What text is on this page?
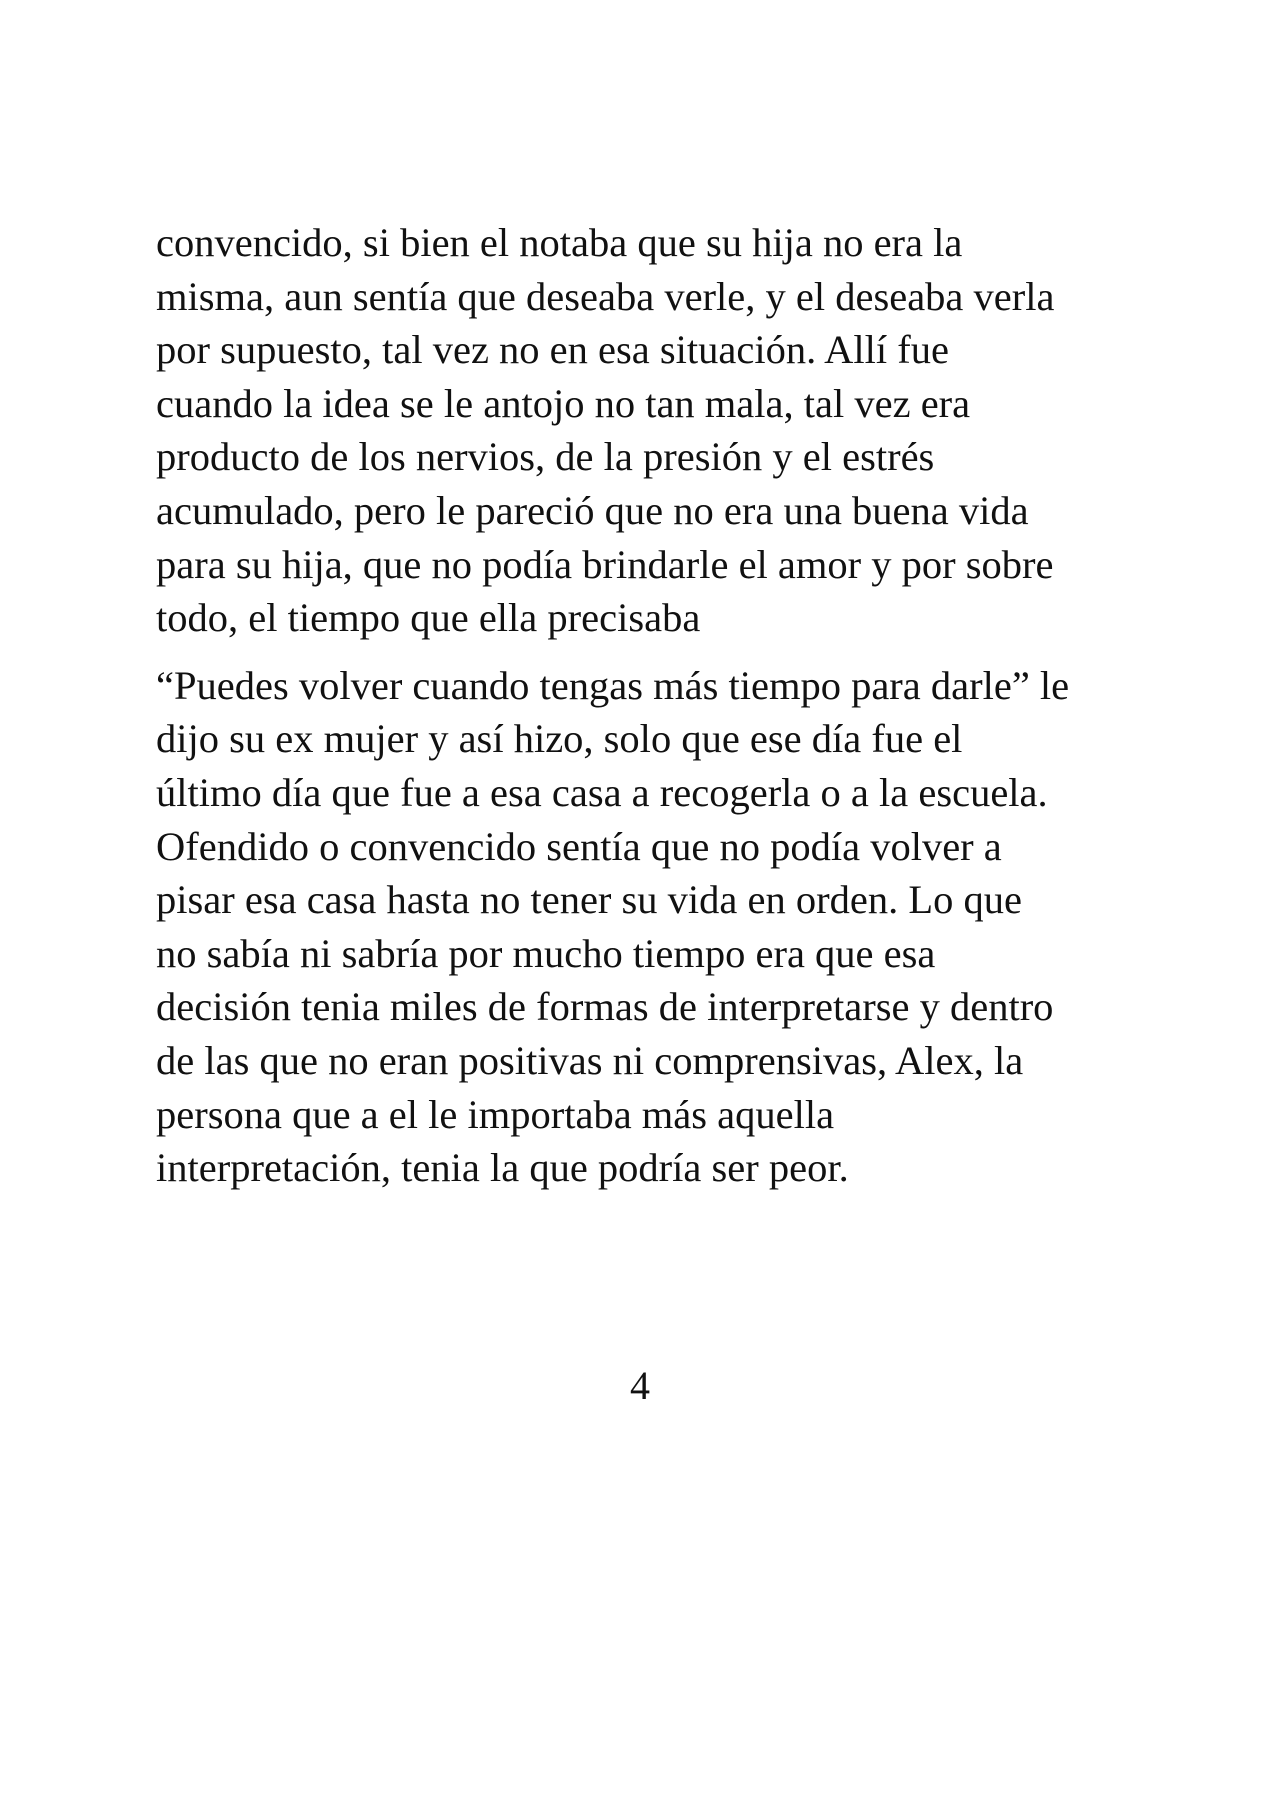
convencido, si bien el notaba que su hija no era la
misma, aun sentía que deseaba verle, y el deseaba verla
por supuesto, tal vez no en esa situación. Allí fue
cuando la idea se le antojo no tan mala, tal vez era
producto de los nervios, de la presión y el estrés
acumulado, pero le pareció que no era una buena vida
para su hija, que no podía brindarle el amor y por sobre
todo, el tiempo que ella precisaba

“Puedes volver cuando tengas más tiempo para darle” le
dijo su ex mujer y así hizo, solo que ese día fue el
último día que fue a esa casa a recogerla o a la escuela.
Ofendido o convencido sentía que no podía volver a
pisar esa casa hasta no tener su vida en orden. Lo que
no sabía ni sabría por mucho tiempo era que esa
decisión tenia miles de formas de interpretarse y dentro
de las que no eran positivas ni comprensivas, Alex, la
persona que a el le importaba más aquella
interpretación, tenia la que podría ser peor.

4
